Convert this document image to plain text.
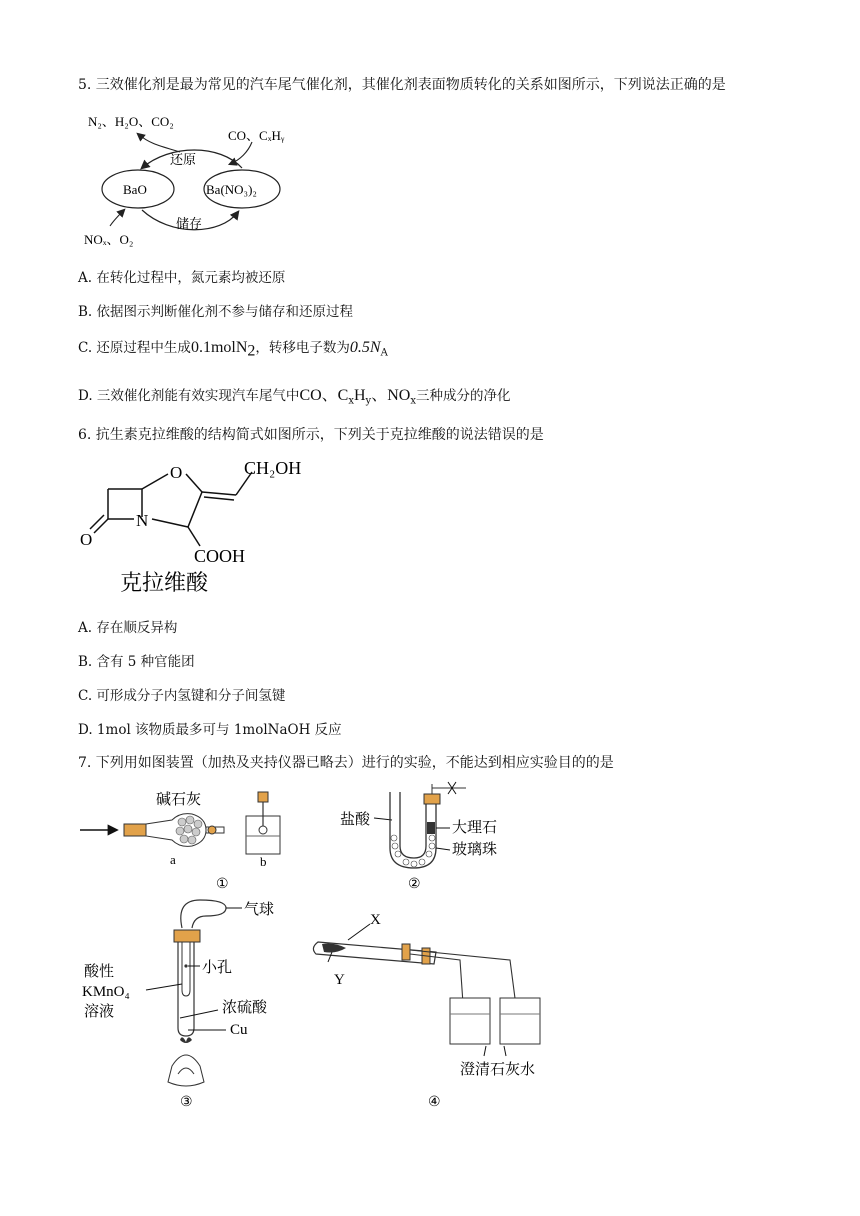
5. 三效催化剂是最为常见的汽车尾气催化剂，其催化剂表面物质转化的关系如图所示，下列说法正确的是
N₂、H₂O、CO₂
CO、CₓHᵧ
BaO	Ba(NO₃)₂
还原
储存
NOₓ、O₂
A. 在转化过程中，氮元素均被还原
B. 依据图示判断催化剂不参与储存和还原过程
C. 还原过程中生成0.1molN$_2$，转移电子数为$0.5N_A$
D. 三效催化剂能有效实现汽车尾气中CO、$C_xH_y$、$NO_x$三种成分的净化
6. 抗生素克拉维酸的结构简式如图所示，下列关于克拉维酸的说法错误的是
O
N
O	CH₂OH
COOH
克拉维酸
A. 存在顺反异构
B. 含有 5 种官能团
C. 可形成分子内氢键和分子间氢键
D. 1mol 该物质最多可与 1molNaOH 反应
7. 下列用如图装置（加热及夹持仪器已略去）进行的实验，不能达到相应实验目的的是
碱石灰
a	b
①
盐酸	大理石
玻璃珠
②
气球
小孔
酸性
KMnO₄
溶液	浓硫酸
Cu
③
X
Y
澄清石灰水
④
